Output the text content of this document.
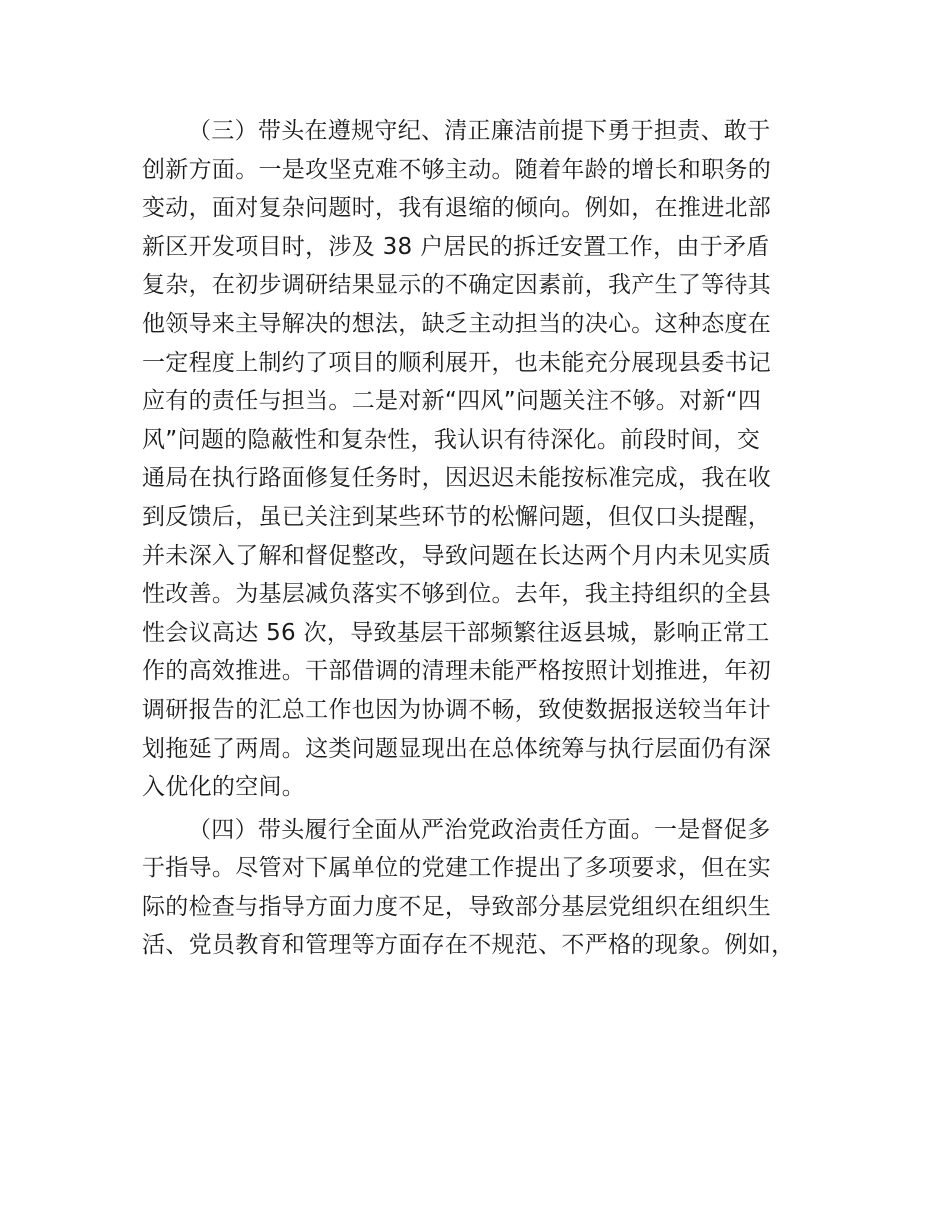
（三）带头在遵规守纪、清正廉洁前提下勇于担责、敢于
创新方面。一是攻坚克难不够主动。随着年龄的增长和职务的
变动，面对复杂问题时，我有退缩的倾向。例如，在推进北部
新区开发项目时，涉及 38 户居民的拆迁安置工作，由于矛盾
复杂，在初步调研结果显示的不确定因素前，我产生了等待其
他领导来主导解决的想法，缺乏主动担当的决心。这种态度在
一定程度上制约了项目的顺利展开，也未能充分展现县委书记
应有的责任与担当。二是对新“四风”问题关注不够。对新“四
风”问题的隐蔽性和复杂性，我认识有待深化。前段时间，交
通局在执行路面修复任务时，因迟迟未能按标准完成，我在收
到反馈后，虽已关注到某些环节的松懈问题，但仅口头提醒，
并未深入了解和督促整改，导致问题在长达两个月内未见实质
性改善。为基层减负落实不够到位。去年，我主持组织的全县
性会议高达 56 次，导致基层干部频繁往返县城，影响正常工
作的高效推进。干部借调的清理未能严格按照计划推进，年初
调研报告的汇总工作也因为协调不畅，致使数据报送较当年计
划拖延了两周。这类问题显现出在总体统筹与执行层面仍有深
入优化的空间。
（四）带头履行全面从严治党政治责任方面。一是督促多
于指导。尽管对下属单位的党建工作提出了多项要求，但在实
际的检查与指导方面力度不足，导致部分基层党组织在组织生
活、党员教育和管理等方面存在不规范、不严格的现象。例如，
